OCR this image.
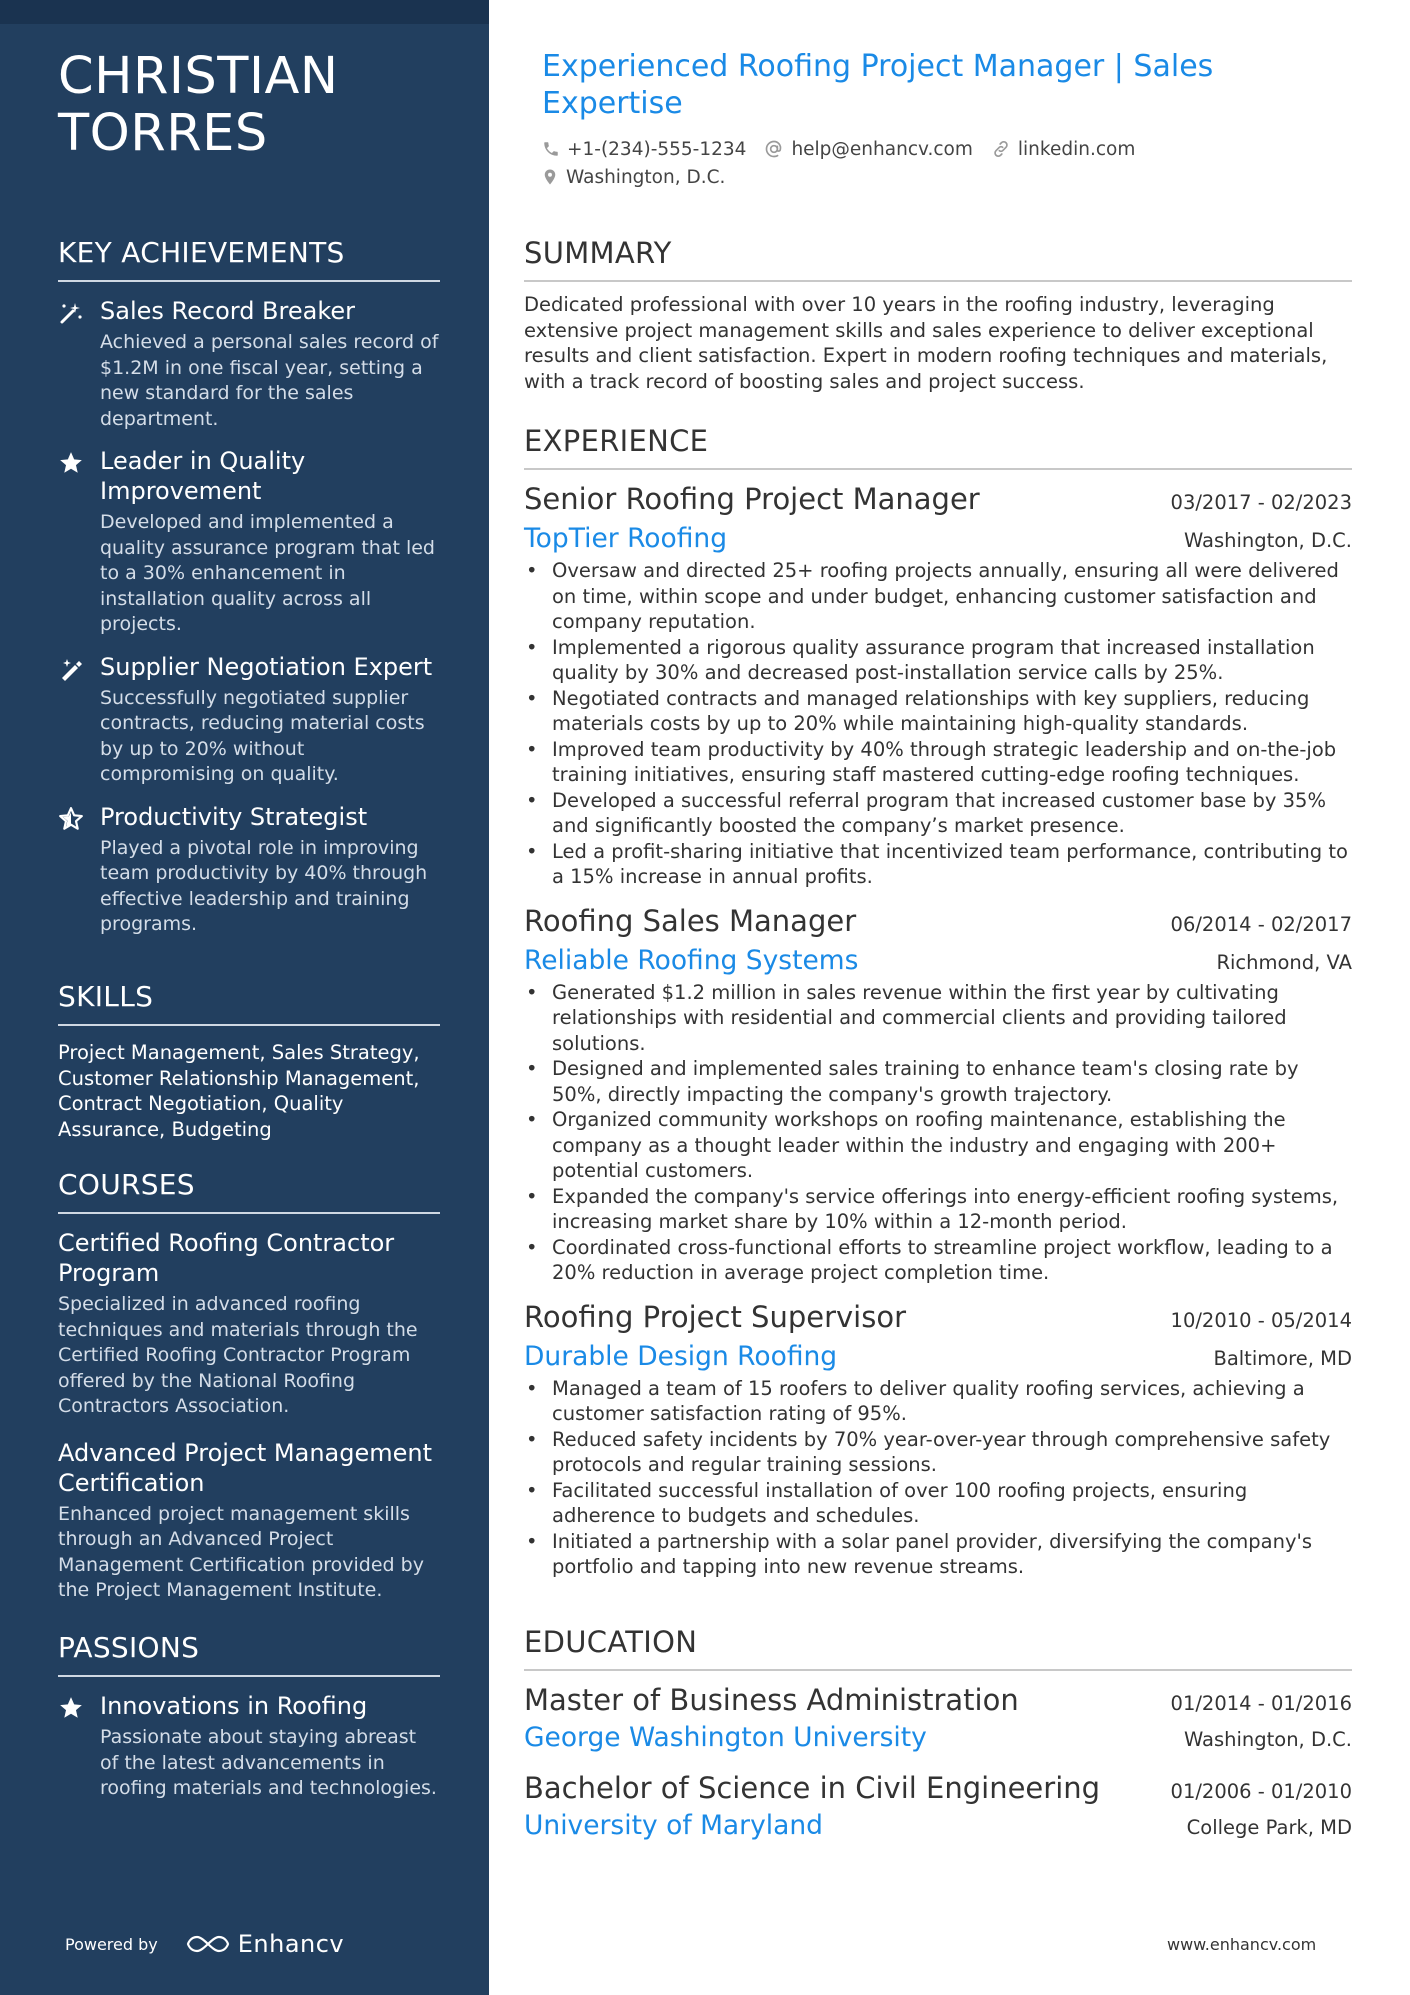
CHRISTIAN
TORRES
KEY ACHIEVEMENTS
Sales Record Breaker
Achieved a personal sales record of $1.2M in one fiscal year, setting a new standard for the sales department.
Leader in Quality Improvement
Developed and implemented a quality assurance program that led to a 30% enhancement in installation quality across all projects.
Supplier Negotiation Expert
Successfully negotiated supplier contracts, reducing material costs by up to 20% without compromising on quality.
Productivity Strategist
Played a pivotal role in improving team productivity by 40% through effective leadership and training programs.
SKILLS
Project Management, Sales Strategy, Customer Relationship Management, Contract Negotiation, Quality Assurance, Budgeting
COURSES
Certified Roofing Contractor Program
Specialized in advanced roofing techniques and materials through the Certified Roofing Contractor Program offered by the National Roofing Contractors Association.
Advanced Project Management Certification
Enhanced project management skills through an Advanced Project Management Certification provided by the Project Management Institute.
PASSIONS
Innovations in Roofing
Passionate about staying abreast of the latest advancements in roofing materials and technologies.
Powered by	Enhancv
Experienced Roofing Project Manager | Sales Expertise
+1-(234)-555-1234 help@enhancv.com linkedin.com
Washington, D.C.
SUMMARY
Dedicated professional with over 10 years in the roofing industry, leveraging extensive project management skills and sales experience to deliver exceptional results and client satisfaction. Expert in modern roofing techniques and materials, with a track record of boosting sales and project success.
EXPERIENCE
Senior Roofing Project Manager	03/2017 - 02/2023
TopTier Roofing	Washington, D.C.
• Oversaw and directed 25+ roofing projects annually, ensuring all were delivered on time, within scope and under budget, enhancing customer satisfaction and company reputation.
• Implemented a rigorous quality assurance program that increased installation quality by 30% and decreased post-installation service calls by 25%.
• Negotiated contracts and managed relationships with key suppliers, reducing materials costs by up to 20% while maintaining high-quality standards.
• Improved team productivity by 40% through strategic leadership and on-the-job training initiatives, ensuring staff mastered cutting-edge roofing techniques.
• Developed a successful referral program that increased customer base by 35% and significantly boosted the company’s market presence.
• Led a profit-sharing initiative that incentivized team performance, contributing to a 15% increase in annual profits.
Roofing Sales Manager	06/2014 - 02/2017
Reliable Roofing Systems	Richmond, VA
• Generated $1.2 million in sales revenue within the first year by cultivating relationships with residential and commercial clients and providing tailored solutions.
• Designed and implemented sales training to enhance team's closing rate by 50%, directly impacting the company's growth trajectory.
• Organized community workshops on roofing maintenance, establishing the company as a thought leader within the industry and engaging with 200+ potential customers.
• Expanded the company's service offerings into energy-efficient roofing systems, increasing market share by 10% within a 12-month period.
• Coordinated cross-functional efforts to streamline project workflow, leading to a 20% reduction in average project completion time.
Roofing Project Supervisor	10/2010 - 05/2014
Durable Design Roofing	Baltimore, MD
• Managed a team of 15 roofers to deliver quality roofing services, achieving a customer satisfaction rating of 95%.
• Reduced safety incidents by 70% year-over-year through comprehensive safety protocols and regular training sessions.
• Facilitated successful installation of over 100 roofing projects, ensuring adherence to budgets and schedules.
• Initiated a partnership with a solar panel provider, diversifying the company's portfolio and tapping into new revenue streams.
EDUCATION
Master of Business Administration	01/2014 - 01/2016
George Washington University	Washington, D.C.
Bachelor of Science in Civil Engineering	01/2006 - 01/2010
University of Maryland	College Park, MD
www.enhancv.com
